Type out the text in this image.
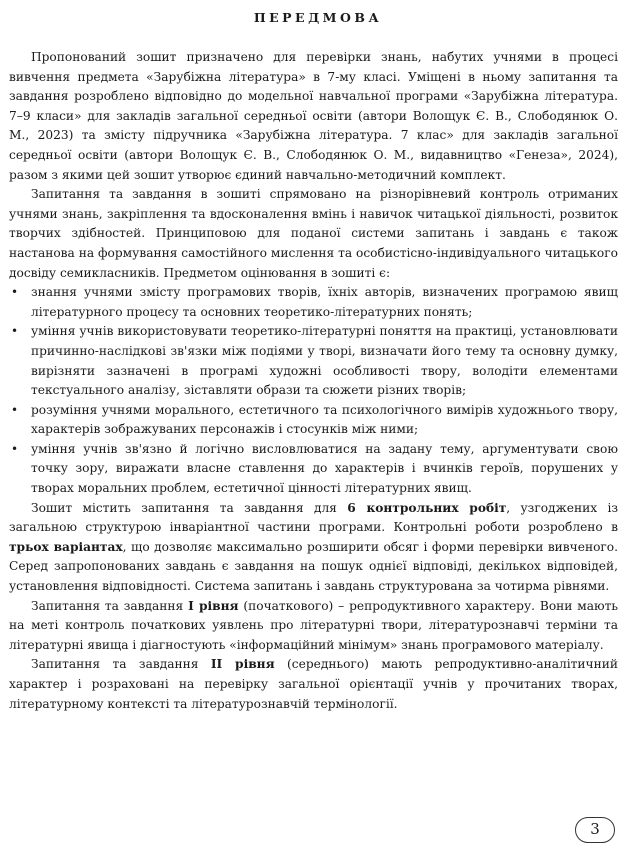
ПЕРЕДМОВА

Пропонований зошит призначено для перевірки знань, набутих учнями в процесі вивчення предмета «Зарубіжна література» в 7-му класі. Уміщені в ньому запитання та завдання розроблено відповідно до модельної навчальної програми «Зарубіжна література. 7–9 класи» для закладів загальної середньої освіти (автори Волощук Є. В., Слободянюк О. М., 2023) та змісту підручника «Зарубіжна література. 7 клас» для закладів загальної середньої освіти (автори Волощук Є. В., Слободянюк О. М., видавництво «Генеза», 2024), разом з якими цей зошит утворює єдиний навчально-методичний комплект.

Запитання та завдання в зошиті спрямовано на різнорівневий контроль отриманих учнями знань, закріплення та вдосконалення вмінь і навичок читацької діяльності, розвиток творчих здібностей. Принциповою для поданої системи запитань і завдань є також настанова на формування самостійного мислення та особистісно-індивідуального читацького досвіду семикласників. Предметом оцінювання в зошиті є:

• знання учнями змісту програмових творів, їхніх авторів, визначених програмою явищ літературного процесу та основних теоретико-літературних понять;
• уміння учнів використовувати теоретико-літературні поняття на практиці, установлювати причинно-наслідкові зв'язки між подіями у творі, визначати його тему та основну думку, вирізняти зазначені в програмі художні особливості твору, володіти елементами текстуального аналізу, зіставляти образи та сюжети різних творів;
• розуміння учнями морального, естетичного та психологічного вимірів художнього твору, характерів зображуваних персонажів і стосунків між ними;
• уміння учнів зв'язно й логічно висловлюватися на задану тему, аргументувати свою точку зору, виражати власне ставлення до характерів і вчинків героїв, порушених у творах моральних проблем, естетичної цінності літературних явищ.

Зошит містить запитання та завдання для 6 контрольних робіт, узгоджених із загальною структурою інваріантної частини програми. Контрольні роботи розроблено в трьох варіантах, що дозволяє максимально розширити обсяг і форми перевірки вивченого. Серед запропонованих завдань є завдання на пошук однієї відповіді, декількох відповідей, установлення відповідності. Система запитань і завдань структурована за чотирма рівнями.

Запитання та завдання I рівня (початкового) – репродуктивного характеру. Вони мають на меті контроль початкових уявлень про літературні твори, літературознавчі терміни та літературні явища і діагностують «інформаційний мінімум» знань програмового матеріалу.

Запитання та завдання II рівня (середнього) мають репродуктивно-аналітичний характер і розраховані на перевірку загальної орієнтації учнів у прочитаних творах, літературному контексті та літературознавчій термінології.

3
